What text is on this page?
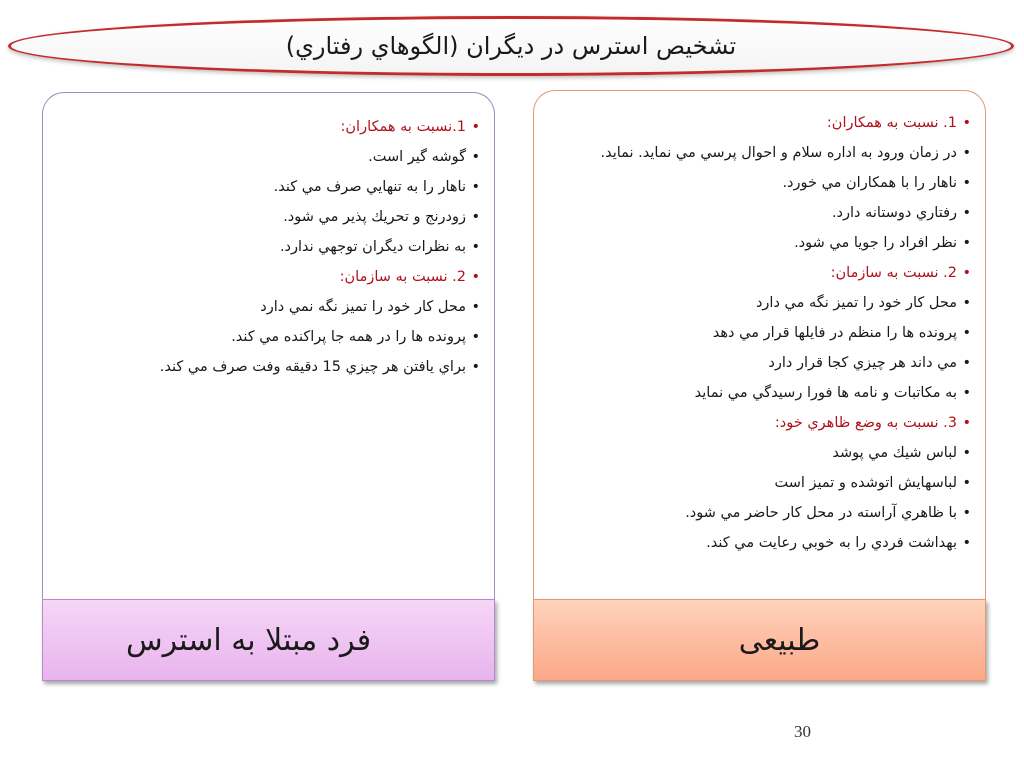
تشخيص استرس در ديگران (الگوهاي رفتاري)
• 1.نسبت به همكاران:
• گوشه گير است.
• ناهار را به تنهايي صرف مي كند.
• زودرنج و تحريك پذير مي شود.
• به نظرات ديگران توجهي ندارد.
• 2. نسبت به سازمان:
• محل كار خود را تميز نگه نمي دارد
• پرونده ها را در همه جا پراكنده مي كند.
• براي يافتن هر چيزي 15 دقيقه وفت صرف مي كند.
• 1. نسبت به همكاران:
• در زمان ورود به اداره سلام و احوال پرسي مي نمايد. نمايد.
• ناهار را با همكاران مي خورد.
• رفتاري دوستانه دارد.
• نظر افراد را جويا مي شود.
• 2. نسبت به سازمان:
• محل كار خود را تميز نگه مي دارد
• پرونده ها را منظم در فايلها قرار مي دهد
• مي داند هر چيزي كجا قرار دارد
• به مكاتبات و نامه ها فورا رسيدگي مي نمايد
• 3. نسبت به وضع ظاهري خود:
• لباس شيك مي پوشد
• لباسهايش اتوشده و تميز است
• با ظاهري آراسته در محل كار حاضر مي شود.
• بهداشت فردي را به خوبي رعايت مي كند.
فرد مبتلا به استرس	طبیعی
30
